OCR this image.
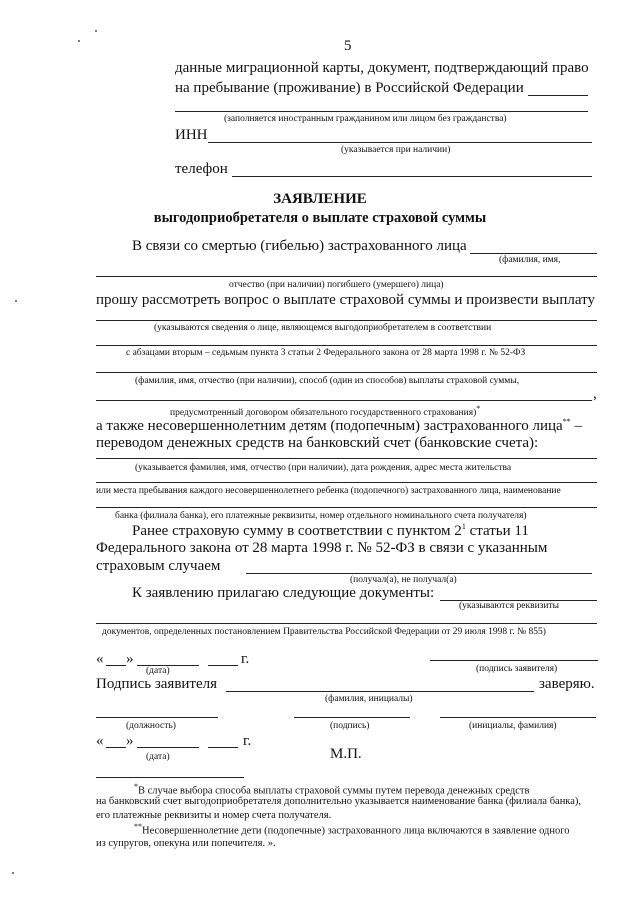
5
данные миграционной карты, документ, подтверждающий право
на пребывание (проживание) в Российской Федерации
(заполняется иностранным гражданином или лицом без гражданства)
ИНН
(указывается при наличии)
телефон
ЗАЯВЛЕНИЕ
выгодоприобретателя о выплате страховой суммы
В связи со смертью (гибелью) застрахованного лица
(фамилия, имя,
отчество (при наличии) погибшего (умершего) лица)
прошу рассмотреть вопрос о выплате страховой суммы и произвести выплату
(указываются сведения о лице, являющемся выгодоприобретателем в соответствии
с абзацами вторым – седьмым пункта 3 статьи 2 Федерального закона от 28 марта 1998 г. № 52-ФЗ
(фамилия, имя, отчество (при наличии), способ (один из способов) выплаты страховой суммы,
,
предусмотренный договором обязательного государственного страхования)*
а также несовершеннолетним детям (подопечным) застрахованного лица** –
переводом денежных средств на банковский счет (банковские счета):
(указывается фамилия, имя, отчество (при наличии), дата рождения, адрес места жительства
или места пребывания каждого несовершеннолетнего ребенка (подопечного) застрахованного лица, наименование
банка (филиала банка), его платежные реквизиты, номер отдельного номинального счета получателя)
Ранее страховую сумму в соответствии с пунктом $2^1$ статьи 11
Федерального закона от 28 марта 1998 г. № 52-ФЗ в связи с указанным
страховым случаем
(получал(а), не получал(а)
К заявлению прилагаю следующие документы:
(указываются реквизиты
документов, определенных постановлением Правительства Российской Федерации от 29 июля 1998 г. № 855)
« »	г.
(дата)	(подпись заявителя)
Подпись заявителя	заверяю.
(фамилия, инициалы)
(должность)	(подпись)	(инициалы, фамилия)
« »	г.
(дата)	М.П.
*В случае выбора способа выплаты страховой суммы путем перевода денежных средств
на банковский счет выгодоприобретателя дополнительно указывается наименование банка (филиала банка),
его платежные реквизиты и номер счета получателя.
**Несовершеннолетние дети (подопечные) застрахованного лица включаются в заявление одного
из супругов, опекуна или попечителя. ».
